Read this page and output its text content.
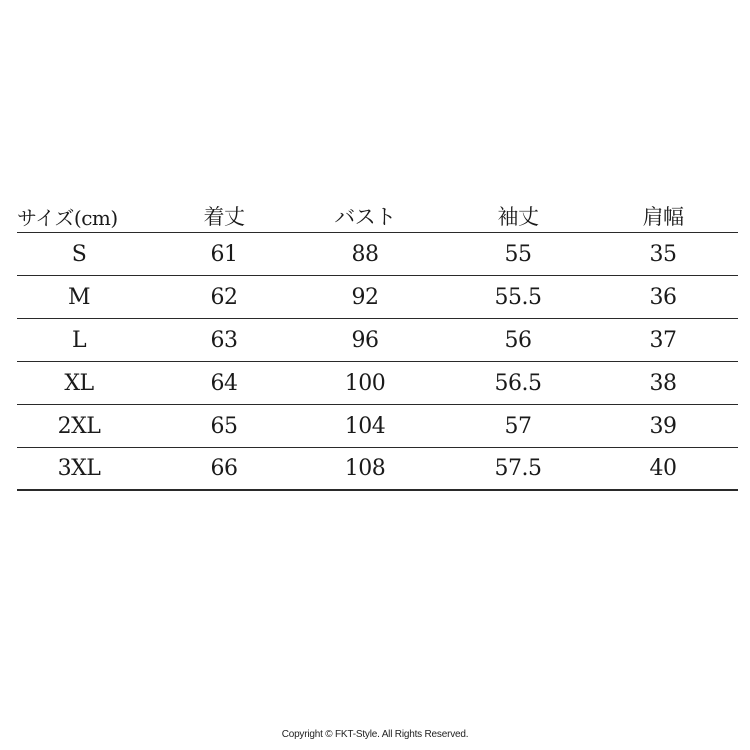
サイズ(cm)	着丈	バスト	袖丈	肩幅
S	61	88	55	35
M	62	92	55.5	36
L	63	96	56	37
XL	64	100	56.5	38
2XL	65	104	57	39
3XL	66	108	57.5	40
Copyright © FKT-Style. All Rights Reserved.
